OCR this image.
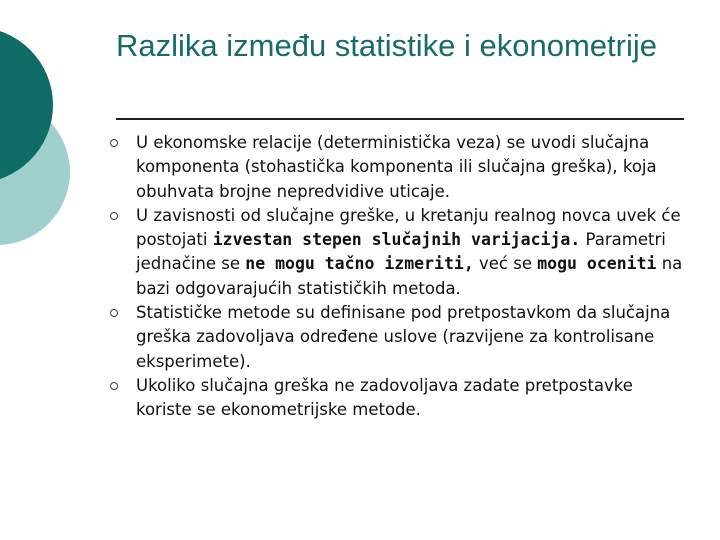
Razlika između statistike i ekonometrije
U ekonomske relacije (deterministička veza) se uvodi slučajna komponenta (stohastička komponenta ili slučajna greška), koja obuhvata brojne nepredvidive uticaje.
U zavisnosti od slučajne greške, u kretanju realnog novca uvek će postojati izvestan stepen slučajnih varijacija. Parametri jednačine se ne mogu tačno izmeriti, već se mogu oceniti na bazi odgovarajućih statističkih metoda.
Statističke metode su definisane pod pretpostavkom da slučajna greška zadovoljava određene uslove (razvijene za kontrolisane eksperimete).
Ukoliko slučajna greška ne zadovoljava zadate pretpostavke koriste se ekonometrijske metode.
